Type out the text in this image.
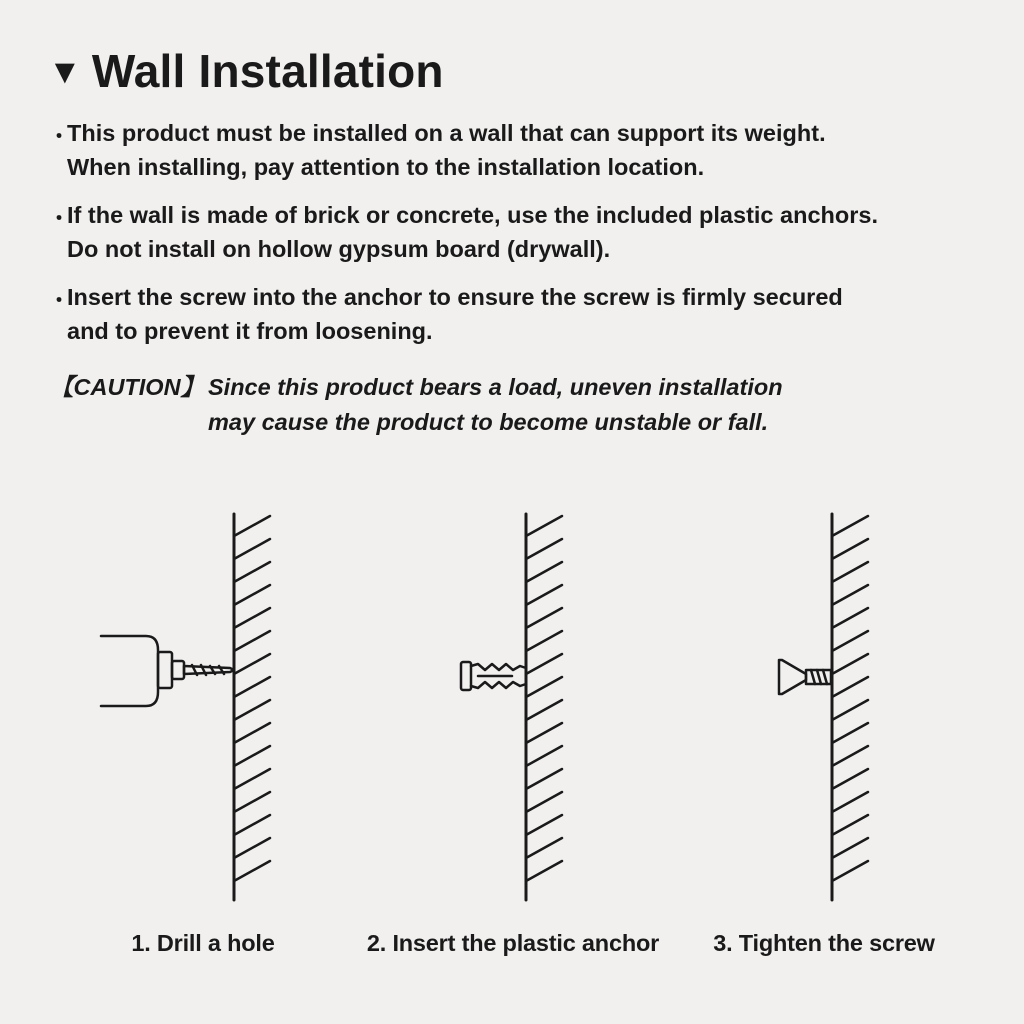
▼ Wall Installation
・
This product must be installed on a wall that can support its weight.
When installing, pay attention to the installation location.
・
If the wall is made of brick or concrete, use the included plastic anchors.
Do not install on hollow gypsum board (drywall).
・
Insert the screw into the anchor to ensure the screw is firmly secured
and to prevent it from loosening.
【CAUTION】 Since this product bears a load, uneven installation
may cause the product to become unstable or fall.
1. Drill a hole	2. Insert the plastic anchor 3. Tighten the screw
